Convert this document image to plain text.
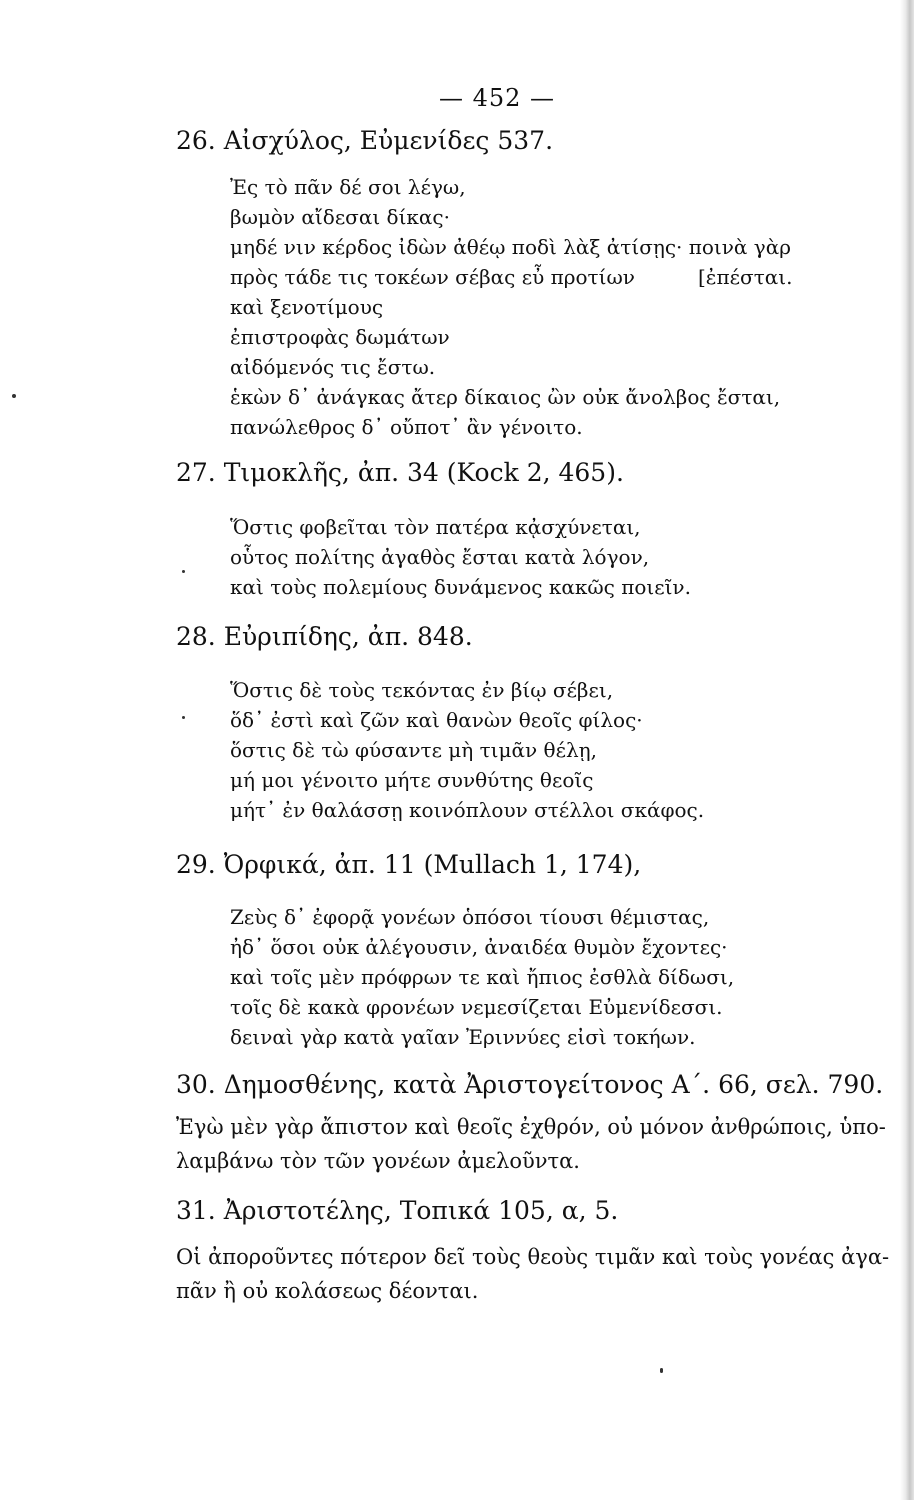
— 452 —
26. Αἰσχύλος, Εὐμενίδες 537.
Ἐς τὸ πᾶν δέ σοι λέγω,
βωμὸν αἴδεσαι δίκας·
μηδέ νιν κέρδος ἰδὼν ἀθέῳ ποδὶ λὰξ ἀτίσῃς· ποινὰ γὰρ
πρὸς τάδε τις τοκέων σέβας εὖ προτίων	[ἐπέσται.
καὶ ξενοτίμους
ἐπιστροφὰς δωμάτων
αἰδόμενός τις ἔστω.
ἑκὼν δ᾽ ἀνάγκας ἄτερ δίκαιος ὢν οὐκ ἄνολβος ἔσται,
πανώλεθρος δ᾽ οὔποτ᾽ ἂν γένοιτο.
27. Τιμοκλῆς, ἀπ. 34 (Kock 2, 465).
Ὅστις φοβεῖται τὸν πατέρα κᾀσχύνεται,
οὗτος πολίτης ἀγαθὸς ἔσται κατὰ λόγον,
καὶ τοὺς πολεμίους δυνάμενος κακῶς ποιεῖν.
28. Εὐριπίδης, ἀπ. 848.
Ὅστις δὲ τοὺς τεκόντας ἐν βίῳ σέβει,
ὅδ᾽ ἐστὶ καὶ ζῶν καὶ θανὼν θεοῖς φίλος·
ὅστις δὲ τὼ φύσαντε μὴ τιμᾶν θέλῃ,
μή μοι γένοιτο μήτε συνθύτης θεοῖς
μήτ᾽ ἐν θαλάσσῃ κοινόπλουν στέλλοι σκάφος.
29. Ὀρφικά, ἀπ. 11 (Mullach 1, 174),
Ζεὺς δ᾽ ἐφορᾷ γονέων ὁπόσοι τίουσι θέμιστας,
ἠδ᾽ ὅσοι οὐκ ἀλέγουσιν, ἀναιδέα θυμὸν ἔχοντες·
καὶ τοῖς μὲν πρόφρων τε καὶ ἤπιος ἐσθλὰ δίδωσι,
τοῖς δὲ κακὰ φρονέων νεμεσίζεται Εὐμενίδεσσι.
δειναὶ γὰρ κατὰ γαῖαν Ἐριννύες εἰσὶ τοκήων.
30. Δημοσθένης, κατὰ Ἀριστογείτονος Α΄. 66, σελ. 790.
Ἐγὼ μὲν γὰρ ἄπιστον καὶ θεοῖς ἐχθρόν, οὐ μόνον ἀνθρώποις, ὑπο-
λαμβάνω τὸν τῶν γονέων ἀμελοῦντα.
31. Ἀριστοτέλης, Τοπικά 105, α, 5.
Οἱ ἀποροῦντες πότερον δεῖ τοὺς θεοὺς τιμᾶν καὶ τοὺς γονέας ἀγα-
πᾶν ἢ οὐ κολάσεως δέονται.
